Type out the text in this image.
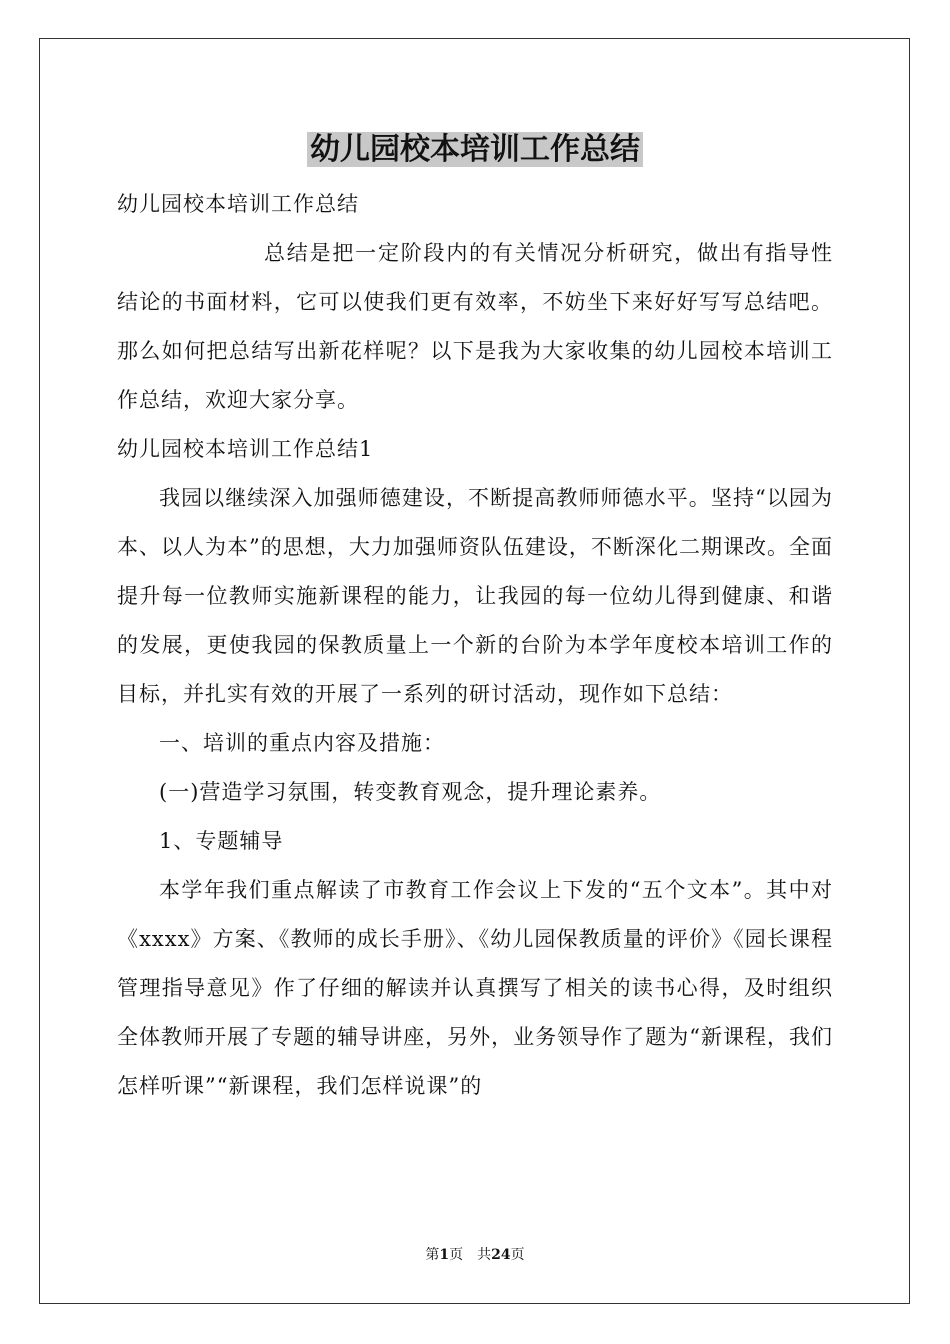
幼儿园校本培训工作总结

幼儿园校本培训工作总结

总结是把一定阶段内的有关情况分析研究，做出有指导性结论的书面材料，它可以使我们更有效率，不妨坐下来好好写写总结吧。那么如何把总结写出新花样呢？以下是我为大家收集的幼儿园校本培训工作总结，欢迎大家分享。

幼儿园校本培训工作总结1

我园以继续深入加强师德建设，不断提高教师师德水平。坚持“以园为本、以人为本”的思想，大力加强师资队伍建设，不断深化二期课改。全面提升每一位教师实施新课程的能力，让我园的每一位幼儿得到健康、和谐的发展，更使我园的保教质量上一个新的台阶为本学年度校本培训工作的目标，并扎实有效的开展了一系列的研讨活动，现作如下总结：

一、培训的重点内容及措施：

(一)营造学习氛围，转变教育观念，提升理论素养。

1、专题辅导

本学年我们重点解读了市教育工作会议上下发的“五个文本”。其中对《xxxx》方案、《教师的成长手册》、《幼儿园保教质量的评价》《园长课程管理指导意见》作了仔细的解读并认真撰写了相关的读书心得，及时组织全体教师开展了专题的辅导讲座，另外，业务领导作了题为“新课程，我们怎样听课”“新课程，我们怎样说课”的

第1页　共24页
